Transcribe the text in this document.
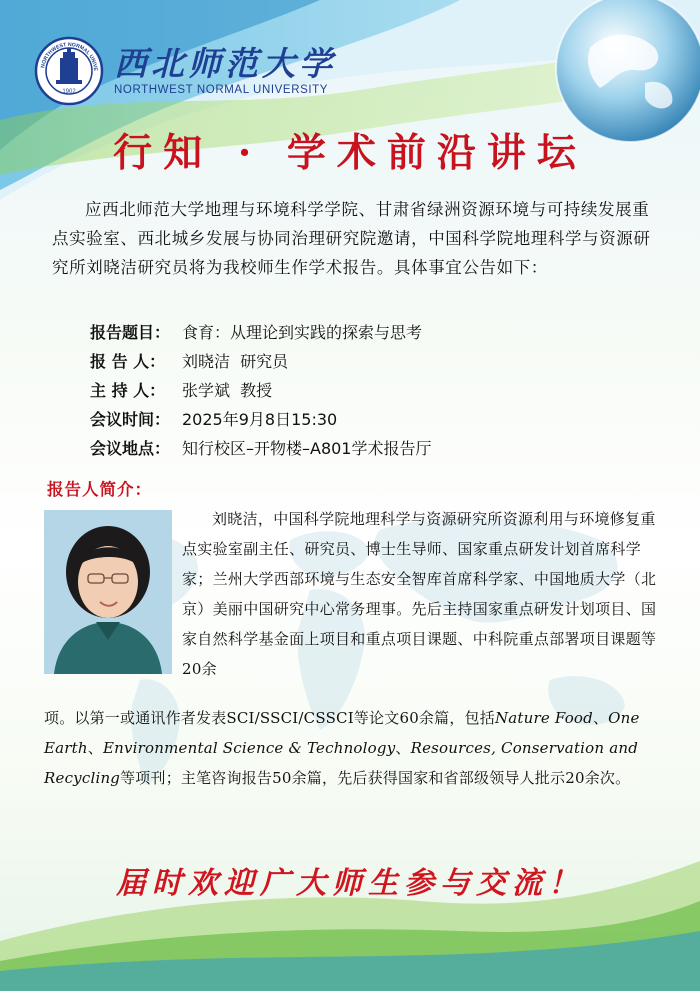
NORTHWEST NORMAL UNIVE
1902
西北师范大学
NORTHWEST NORMAL UNIVERSITY
行知 · 学术前沿讲坛
应西北师范大学地理与环境科学学院、甘肃省绿洲资源环境与可持续发展重点实验室、西北城乡发展与协同治理研究院邀请，中国科学院地理科学与资源研究所刘晓洁研究员将为我校师生作学术报告。具体事宜公告如下：
报告题目： 食育：从理论到实践的探索与思考
报 告 人： 刘晓洁  研究员
主 持 人： 张学斌  教授
会议时间： 2025年9月8日15:30
会议地点： 知行校区–开物楼–A801学术报告厅
报告人简介：
刘晓洁，中国科学院地理科学与资源研究所资源利用与环境修复重点实验室副主任、研究员、博士生导师、国家重点研发计划首席科学家；兰州大学西部环境与生态安全智库首席科学家、中国地质大学（北京）美丽中国研究中心常务理事。先后主持国家重点研发计划项目、国家自然科学基金面上项目和重点项目课题、中科院重点部署项目课题等20余
项。以第一或通讯作者发表SCI/SSCI/CSSCI等论文60余篇，包括Nature Food、One Earth、Environmental Science & Technology、Resources, Conservation and Recycling等项刊；主笔咨询报告50余篇，先后获得国家和省部级领导人批示20余次。
届时欢迎广大师生参与交流！
